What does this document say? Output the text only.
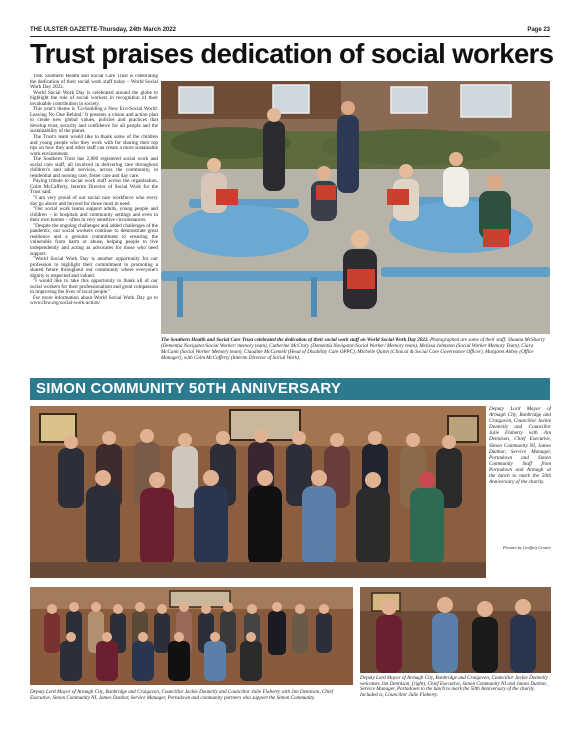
THE ULSTER GAZETTE-Thursday, 24th March 2022	Page 23
Trust praises dedication of social workers

THE Southern Health and Social Care Trust is celebrating the dedication of their social work staff today – World Social Work Day 2022.

World Social Work Day is celebrated around the globe to highlight the role of social workers in recognition of their invaluable contribution in society.

This year's theme is 'Co-building a New Eco-Social World: Leaving No One Behind.' It presents a vision and action plan to create new global values, policies and practices that develop trust, security and confidence for all people and the sustainability of the planet.

The Trust's team would like to thank some of the children and young people who they work with for sharing their top tips on how they and other staff can create a more sustainable work environment.

The Southern Trust has 2,800 registered social work and social care staff, all involved in delivering care throughout children's and adult services, across the community, in residential and nursing care, foster care and day care.

Paying tribute to social work staff across the organisation, Colm McCafferty, Interim Director of Social Work for the Trust said:

"I am very proud of our social care workforce who every day go above and beyond for those most in need.

"Our social work teams support adults, young people and children – in hospitals and community settings and even in their own homes – often in very sensitive circumstances.

"Despite the ongoing challenges and added challenges of the pandemic, our social workers continue to demonstrate great resilience and a genuine commitment to ensuring the vulnerable from harm or abuse, helping people to live independently and acting as advocates for those who need support.

"World Social Work Day is another opportunity for our profession to highlight their commitment to promoting a shared future throughout our community where everyone's dignity is respected and valued.

"I would like to take this opportunity to thank all of our social workers for their professionalism and great compassion in improving the lives of local people."

For more information about World Social Work Day go to www.ifsw.org/social-work-action/

The Southern Health and Social Care Trust celebrated the dedication of their social work staff on World Social Work Day 2022. Photographed are some of their staff: Shauna McSharry (Dementia Navigator/Social Worker/ memory team), Catherine McCrory (Dementia Navigator/Social Worker/ Memory team), Melissa Johnston (Social Worker Memory Team), Ciara McCann (Social Worker Memory team), Claudine McConnell (Head of Disability Care OPPC), Michelle Quinn (Clinical & Social Care Governance Officer), Margaret Abbey (Office Manager), with Colm McCafferty (Interim Director of Social Work).
SIMON COMMUNITY 50TH ANNIVERSARY
Deputy Lord Mayor of Armagh City, Banbridge and Craigavon, Councillor Jackie Donnelly and Councillor Julie Flaherty with Jim Dennison, Chief Executive, Simon Community NI, James Dunbar, Service Manager, Portadown and Simon Community Staff from Portadown and Armagh at the lunch to mark the 50th Anniversary of the charity.
Pictures by Geoffrey Crozier
Deputy Lord Mayor of Armagh City, Banbridge and Craigavon, Councillor Jackie Donnelly and Councillor Julie Flaherty with Jim Dennison, Chief Executive, Simon Community NI, James Dunbar, Service Manager, Portadown and community partners who support the Simon Community.
Deputy Lord Mayor of Armagh City, Banbridge and Craigavon, Councillor Jackie Donnelly welcomes Jim Dennison, (right), Chief Executive, Simon Community NI and James Dunbar, Service Manager, Portadown to the lunch to mark the 50th Anniversary of the charity. Included is, Councillor Julie Flaherty.
